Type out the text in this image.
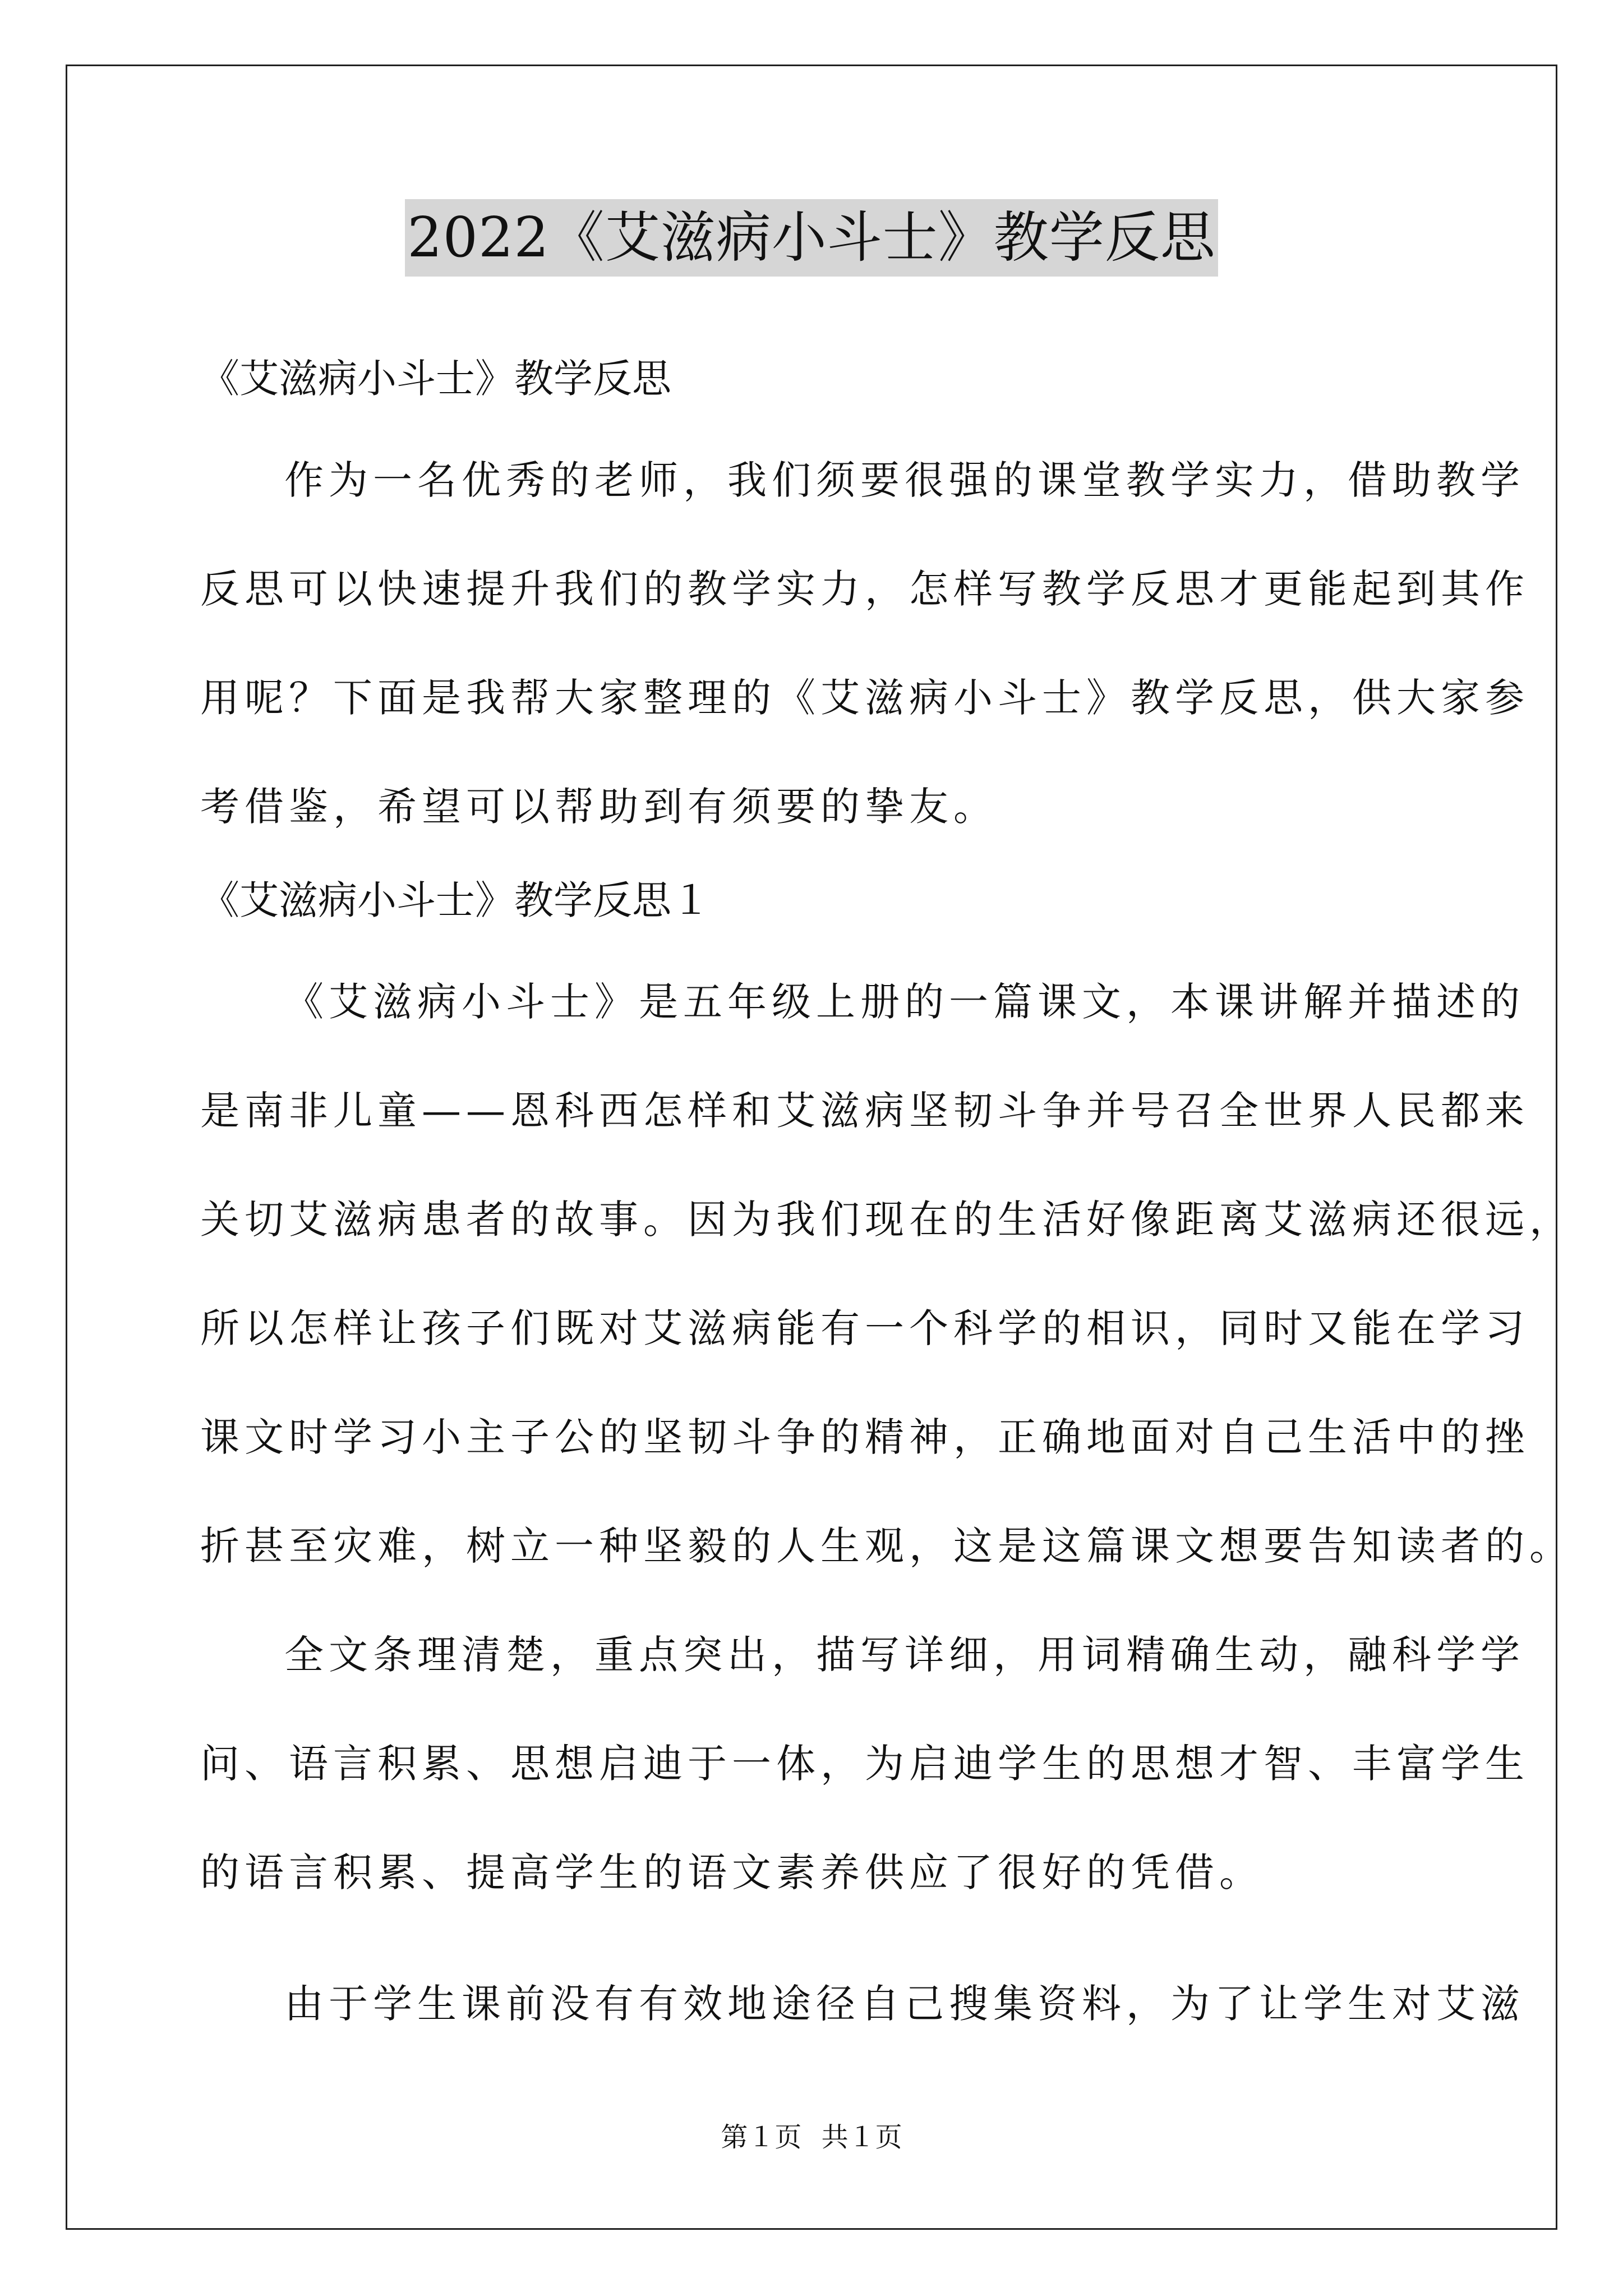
2022《艾滋病小斗士》教学反思
《艾滋病小斗士》教学反思
作为一名优秀的老师，我们须要很强的课堂教学实力，借助教学
反思可以快速提升我们的教学实力，怎样写教学反思才更能起到其作
用呢？下面是我帮大家整理的《艾滋病小斗士》教学反思，供大家参
考借鉴，希望可以帮助到有须要的挚友。
《艾滋病小斗士》教学反思１
《艾滋病小斗士》是五年级上册的一篇课文，本课讲解并描述的
是南非儿童——恩科西怎样和艾滋病坚韧斗争并号召全世界人民都来
关切艾滋病患者的故事。因为我们现在的生活好像距离艾滋病还很远，
所以怎样让孩子们既对艾滋病能有一个科学的相识，同时又能在学习
课文时学习小主子公的坚韧斗争的精神，正确地面对自己生活中的挫
折甚至灾难，树立一种坚毅的人生观，这是这篇课文想要告知读者的。
全文条理清楚，重点突出，描写详细，用词精确生动，融科学学
问、语言积累、思想启迪于一体，为启迪学生的思想才智、丰富学生
的语言积累、提高学生的语文素养供应了很好的凭借。
由于学生课前没有有效地途径自己搜集资料，为了让学生对艾滋
第１页 共１页
